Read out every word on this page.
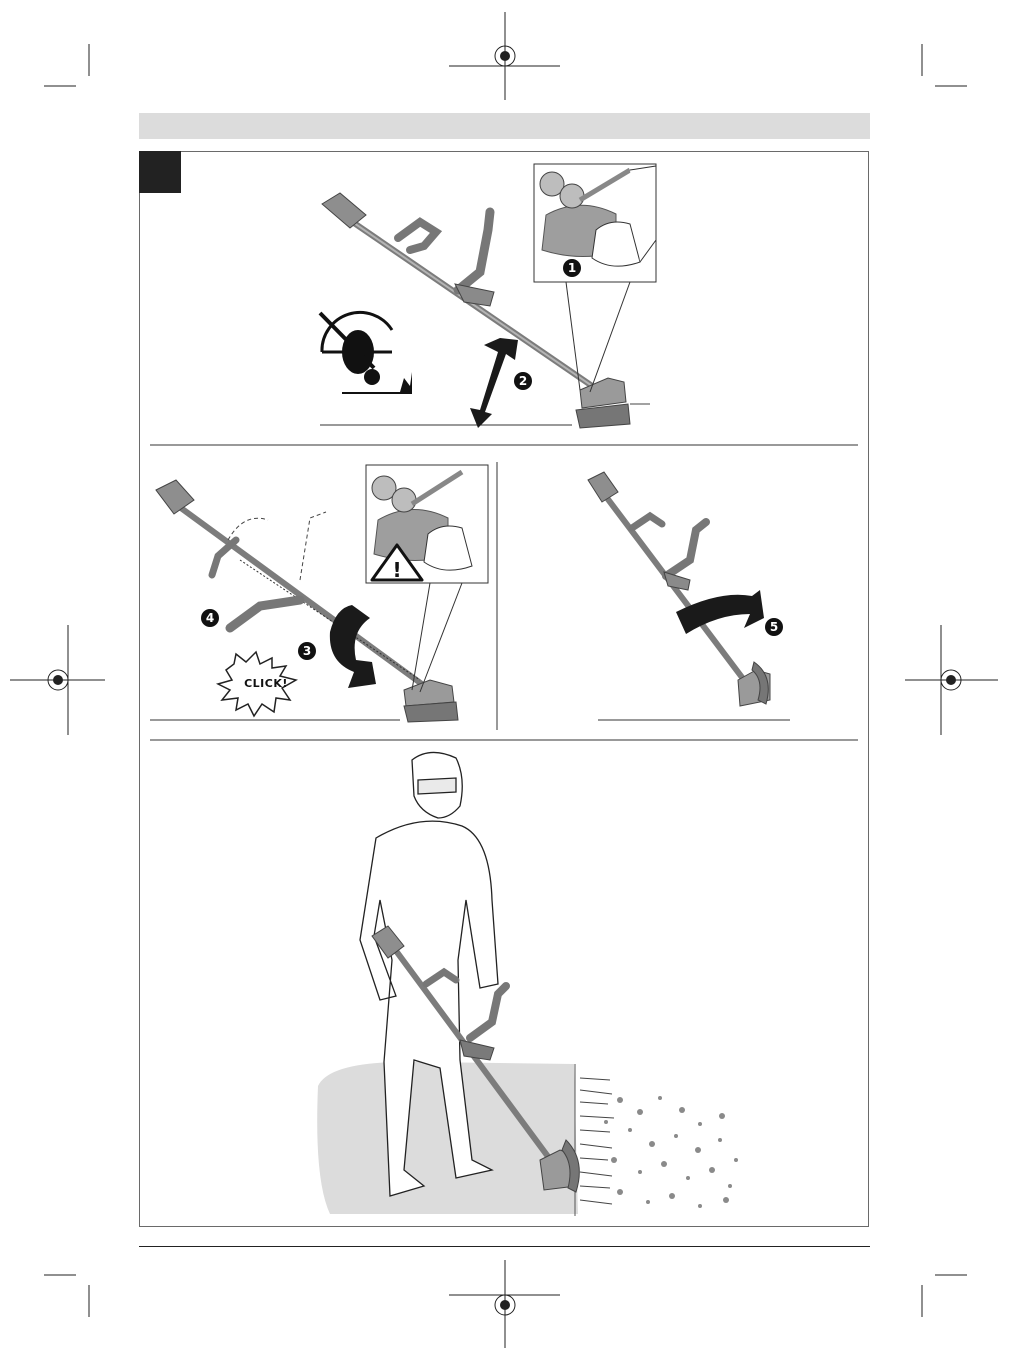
1
2
3
4
5
!
CLICK!
